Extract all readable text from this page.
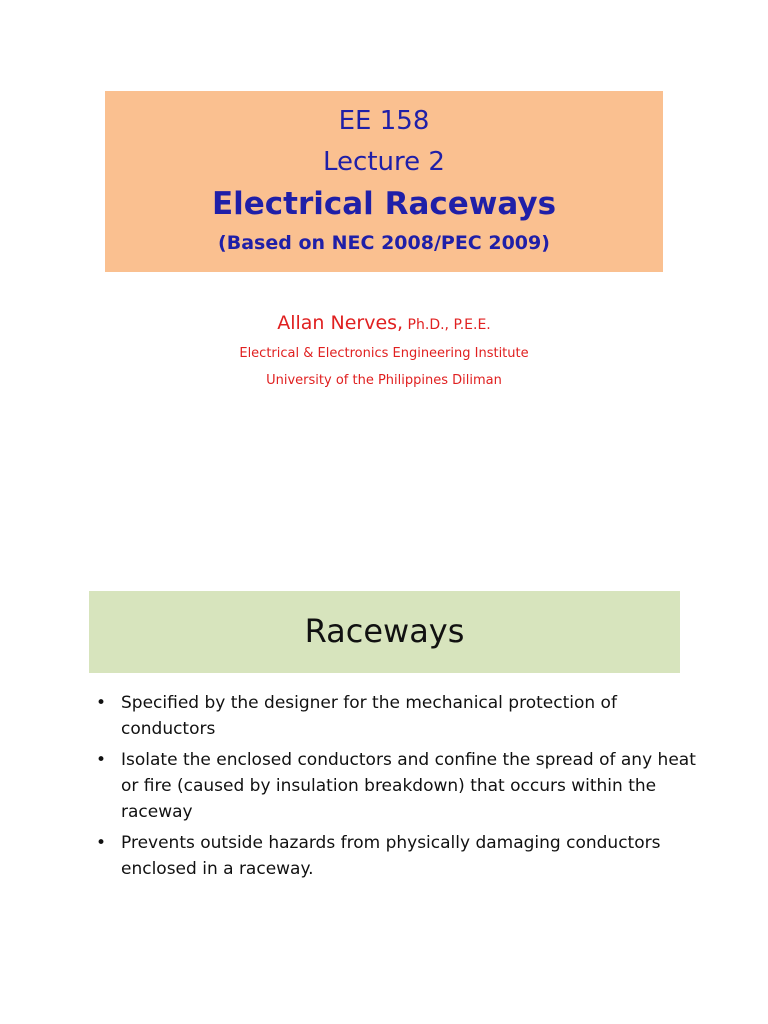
EE 158
Lecture 2
Electrical Raceways
(Based on NEC 2008/PEC 2009)
Allan Nerves, Ph.D., P.E.E.
Electrical & Electronics Engineering Institute
University of the Philippines Diliman
Raceways
• Specified by the designer for the mechanical protection of conductors
• Isolate the enclosed conductors and confine the spread of any heat or fire (caused by insulation breakdown) that occurs within the raceway
• Prevents outside hazards from physically damaging conductors enclosed in a raceway.
